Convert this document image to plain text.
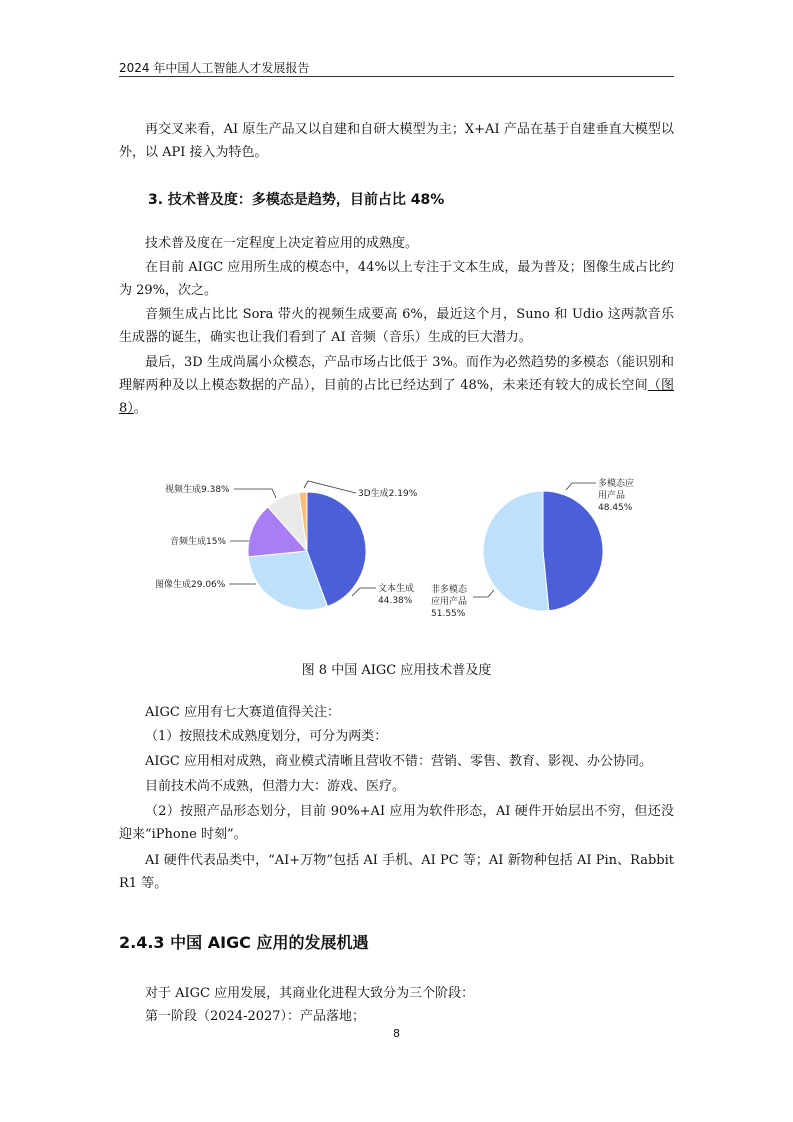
2024 年中国人工智能人才发展报告

再交叉来看，AI 原生产品又以自建和自研大模型为主；X+AI 产品在基于自建垂直大模型以外，以 API 接入为特色。

3. 技术普及度：多模态是趋势，目前占比 48%

技术普及度在一定程度上决定着应用的成熟度。

在目前 AIGC 应用所生成的模态中，44%以上专注于文本生成，最为普及；图像生成占比约为 29%，次之。

音频生成占比比 Sora 带火的视频生成要高 6%，最近这个月，Suno 和 Udio 这两款音乐生成器的诞生，确实也让我们看到了 AI 音频（音乐）生成的巨大潜力。

最后，3D 生成尚属小众模态，产品市场占比低于 3%。而作为必然趋势的多模态（能识别和理解两种及以上模态数据的产品），目前的占比已经达到了 48%，未来还有较大的成长空间（图 8）。

视频生成9.38%	3D生成2.19%
音频生成15%
图像生成29.06%	文本生成
44.38%
多模态应
用产品
48.45%
非多模态
应用产品
51.55%
图 8 中国 AIGC 应用技术普及度

AIGC 应用有七大赛道值得关注：

（1）按照技术成熟度划分，可分为两类：

AIGC 应用相对成熟，商业模式清晰且营收不错：营销、零售、教育、影视、办公协同。

目前技术尚不成熟，但潜力大：游戏、医疗。

（2）按照产品形态划分，目前 90%+AI 应用为软件形态，AI 硬件开始层出不穷，但还没迎来“iPhone 时刻”。

AI 硬件代表品类中，“AI+万物”包括 AI 手机、AI PC 等；AI 新物种包括 AI Pin、Rabbit R1 等。

2.4.3 中国 AIGC 应用的发展机遇

对于 AIGC 应用发展，其商业化进程大致分为三个阶段：

第一阶段（2024-2027）：产品落地；

8
